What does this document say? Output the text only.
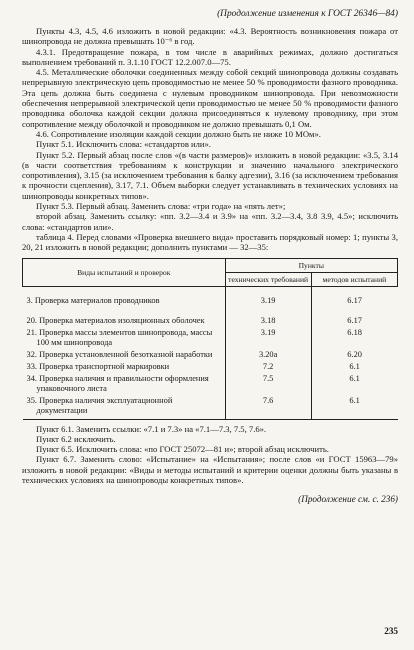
(Продолжение изменения к ГОСТ 26346—84)

Пункты 4.3, 4.5, 4.6 изложить в новой редакции: «4.3. Вероятность возникновения пожара от шинопровода не должна превышать 10⁻⁶ в год.

4.3.1. Предотвращение пожара, в том числе в аварийных режимах, должно достигаться выполнением требований п. 3.1.10 ГОСТ 12.2.007.0—75.

4.5. Металлические оболочки соединенных между собой секций шинопровода должны создавать непрерывную электрическую цепь проводимостью не менее 50 % проводимости фазного проводника. Эта цепь должна быть соединена с нулевым проводником шинопровода. При невозможности обеспечения непрерывной электрической цепи проводимостью не менее 50 % проводимости фазного проводника оболочка каждой секции должна присоединяться к нулевому проводнику, при этом сопротивление между оболочкой и проводником не должно превышать 0,1 Ом.

4.6. Сопротивление изоляции каждой секции должно быть не ниже 10 МОм».

Пункт 5.1. Исключить слова: «стандартов или».

Пункт 5.2. Первый абзац после слов «(в части размеров)» изложить в новой редакции: «3.5, 3.14 (в части соответствия требованиям к конструкции и значению начального электрического сопротивления), 3.15 (за исключением требования к балку адгезии), 3.16 (за исключением требования к прочности сцепления), 3.17, 7.1. Объем выборки следует устанавливать в технических условиях на шинопроводы конкретных типов».

Пункт 5.3. Первый абзац. Заменить слова: «три года» на «пять лет»;

второй абзац. Заменить ссылку: «пп. 3.2—3.4 и 3.9» на «пп. 3.2—3.4, 3.8 3.9, 4.5»; исключить слова: «стандартов или».

таблица 4. Перед словами «Проверка внешнего вида» проставить порядковый номер: 1; пункты 3, 20, 21 изложить в новой редакции; дополнить пунктами — 32—35:

Виды испытаний и проверок	Пункты	
	технических требований	методов испытаний
3. Проверка материалов проводников	3.19	6.17
20. Проверка материалов изоляционных оболочек	3.18	6.17
21. Проверка массы элементов шинопровода, массы 100 мм шинопровода	3.19	6.18
32. Проверка установленной безотказной наработки	3.20а	6.20
33. Проверка транспортной маркировки	7.2	6.1
34. Проверка наличия и правильности оформления упаковочного листа	7.5	6.1
35. Проверка наличия эксплуатационной документации	7.6	6.1

Пункт 6.1. Заменить ссылки: «7.1 и 7.3» на «7.1—7.3, 7.5, 7.6».

Пункт 6.2 исключить.

Пункт 6.5. Исключить слова: «по ГОСТ 25072—81 и»; второй абзац исключить.

Пункт 6.7. Заменить слово: «Испытание» на «Испытания»; после слов «и ГОСТ 15963—79» изложить в новой редакции: «Виды и методы испытаний и критерии оценки должны быть указаны в технических условиях на шинопроводы конкретных типов».

(Продолжение см. с. 236)
235
